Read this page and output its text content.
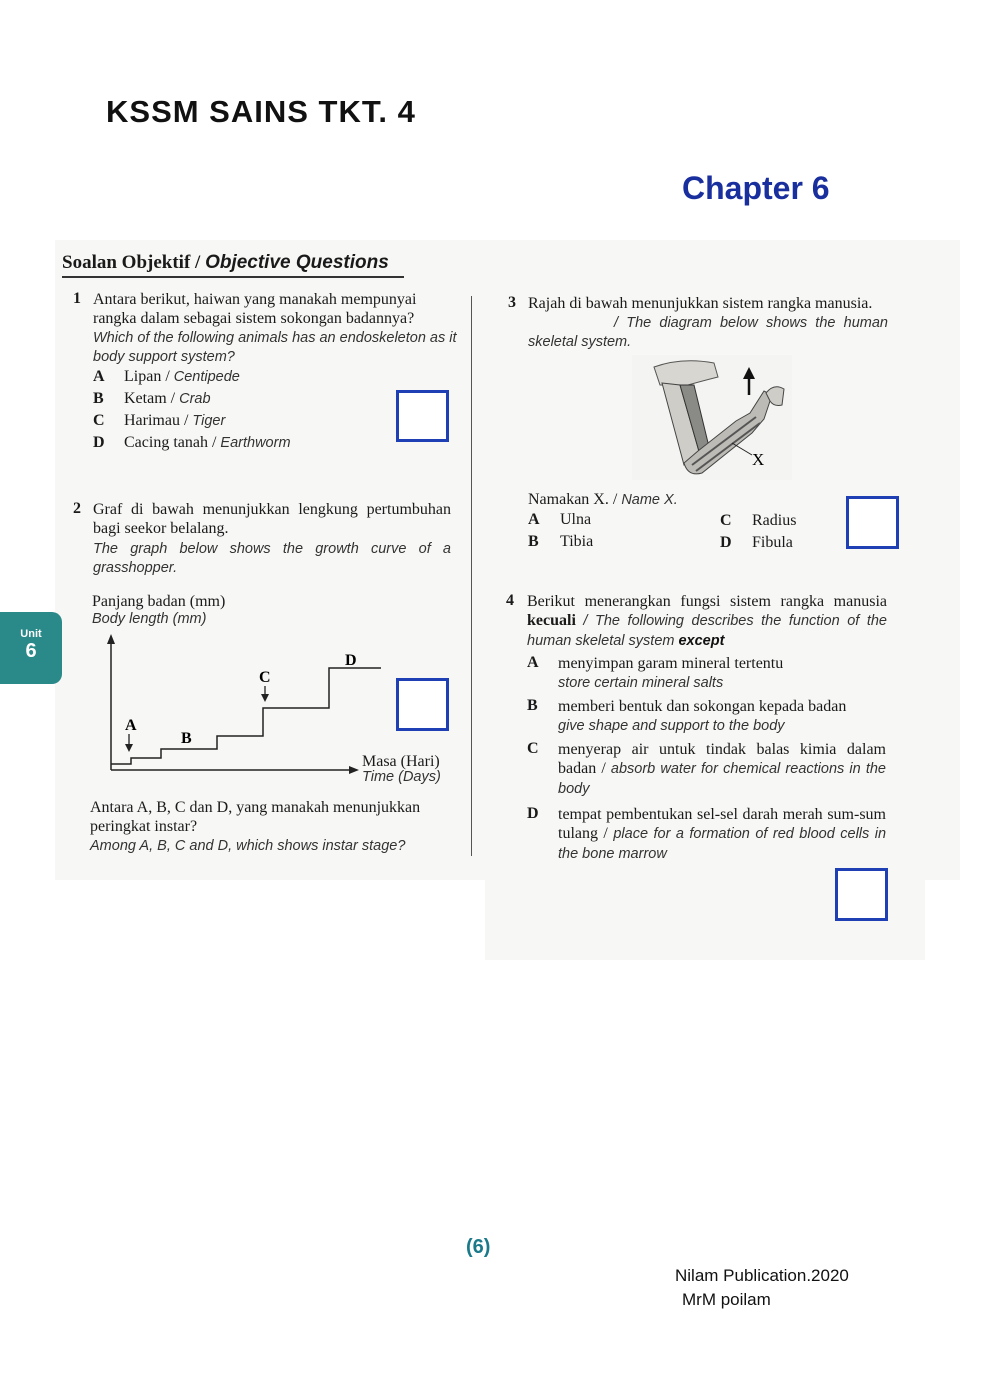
KSSM SAINS TKT. 4
Chapter 6
Soalan Objektif / Objective Questions
Unit
6
1 Antara berikut, haiwan yang manakah mempunyai rangka dalam sebagai sistem sokongan badannya?
Which of the following animals has an endoskeleton as it body support system?
A Lipan / Centipede
B Ketam / Crab
C Harimau / Tiger
D Cacing tanah / Earthworm
2 Graf di bawah menunjukkan lengkung pertumbuhan bagi seekor belalang.
The graph below shows the growth curve of a grasshopper.
Panjang badan (mm)
Body length (mm)
A
B
C
D
Masa (Hari)
Time (Days)
Antara A, B, C dan D, yang manakah menunjukkan peringkat instar?
Among A, B, C and D, which shows instar stage?
3 Rajah di bawah menunjukkan sistem rangka manusia.
/ The diagram below shows the human skeletal system.
X
Namakan X. / Name X.
A Ulna
B Tibia
C Radius
D Fibula
4 Berikut menerangkan fungsi sistem rangka manusia kecuali / The following describes the function of the human skeletal system except
A menyimpan garam mineral tertentu
store certain mineral salts
B memberi bentuk dan sokongan kepada badan
give shape and support to the body
C menyerap air untuk tindak balas kimia dalam badan / absorb water for chemical reactions in the body
D tempat pembentukan sel-sel darah merah sum-sum tulang / place for a formation of red blood cells in the bone marrow
(6)
Nilam Publication.2020
MrM poilam
